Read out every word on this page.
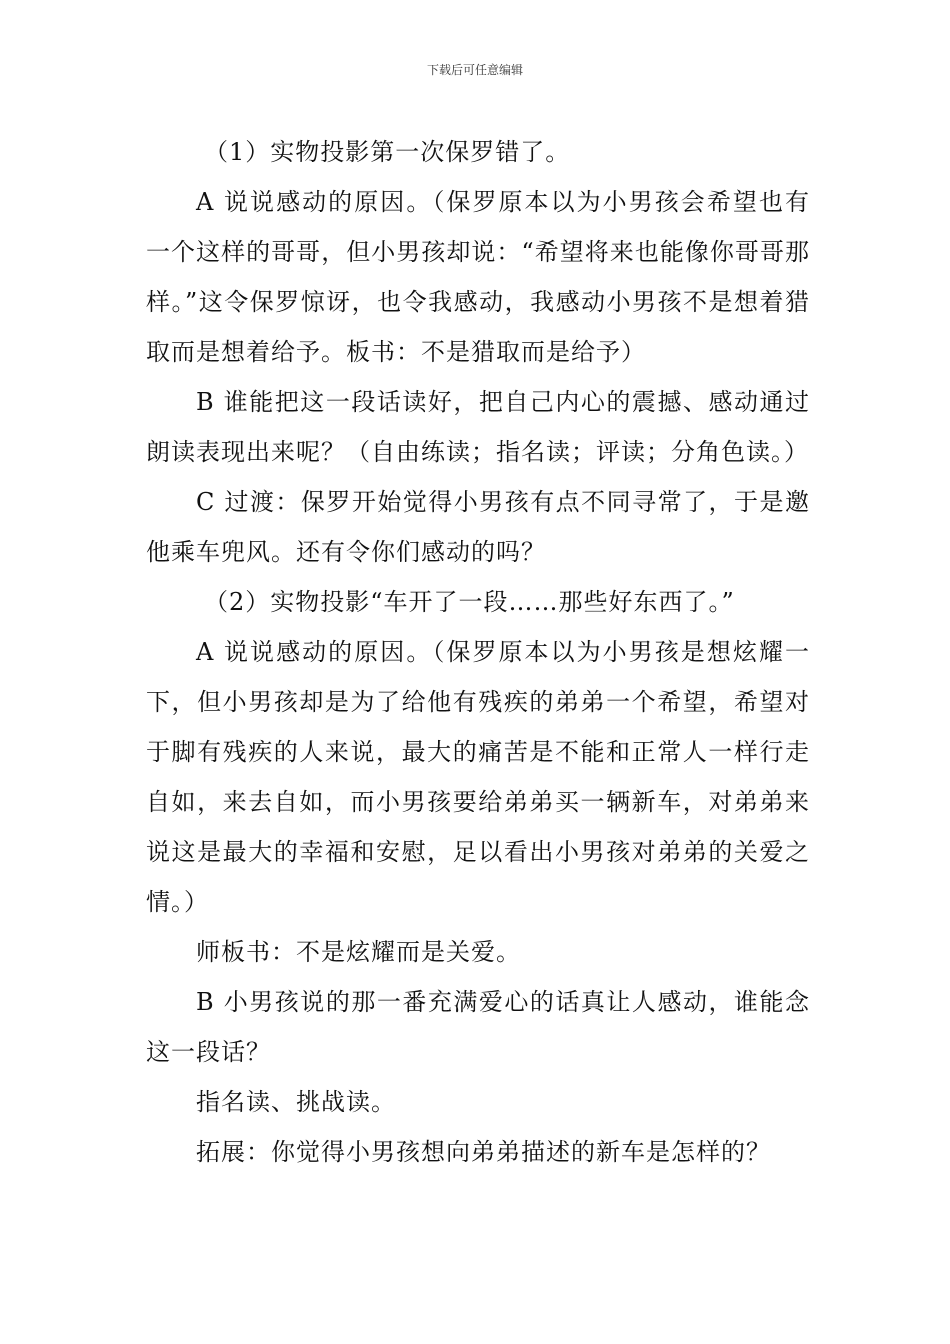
下载后可任意编辑

（1）实物投影第一次保罗错了。

A 说说感动的原因。（保罗原本以为小男孩会希望也有一个这样的哥哥，但小男孩却说：“希望将来也能像你哥哥那样。”这令保罗惊讶，也令我感动，我感动小男孩不是想着猎取而是想着给予。板书：不是猎取而是给予）

B 谁能把这一段话读好，把自己内心的震撼、感动通过朗读表现出来呢？（自由练读；指名读；评读；分角色读。）

C 过渡：保罗开始觉得小男孩有点不同寻常了，于是邀他乘车兜风。还有令你们感动的吗？

（2）实物投影“车开了一段……那些好东西了。”

A 说说感动的原因。（保罗原本以为小男孩是想炫耀一下，但小男孩却是为了给他有残疾的弟弟一个希望，希望对于脚有残疾的人来说，最大的痛苦是不能和正常人一样行走自如，来去自如，而小男孩要给弟弟买一辆新车，对弟弟来说这是最大的幸福和安慰，足以看出小男孩对弟弟的关爱之情。）

师板书：不是炫耀而是关爱。

B 小男孩说的那一番充满爱心的话真让人感动，谁能念这一段话？

指名读、挑战读。

拓展：你觉得小男孩想向弟弟描述的新车是怎样的？
